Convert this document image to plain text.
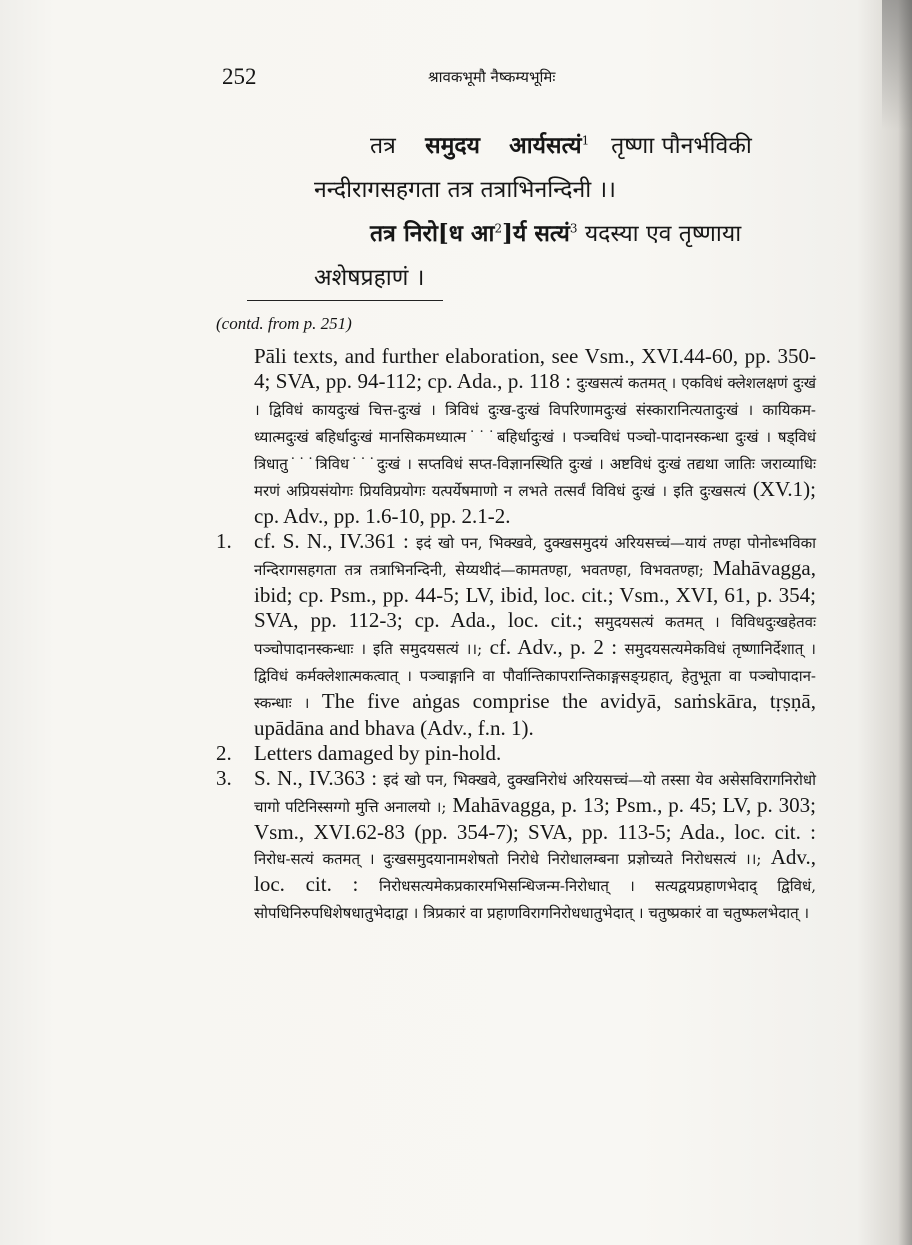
252	श्रावकभूमौ नैष्कम्यभूमिः
तत्र समुदय आर्यसत्यं$^1$ तृष्णा पौनर्भविकी
नन्दीरागसहगता तत्र तत्राभिनन्दिनी ।।
तत्र निरो[ध आ$^2$]र्य सत्यं$^3$ यदस्या एव तृष्णाया
अशेषप्रहाणं ।

(contd. from p. 251)

Pāli texts, and further elaboration, see Vsm., XVI.44-60, pp. 350-4; SVA, pp. 94-112; cp. Ada., p. 118 : दुःखसत्यं कतमत् । एकविधं क्लेशलक्षणं दुःखं । द्विविधं कायदुःखं चित्त-दुःखं । त्रिविधं दुःख-दुःखं विपरिणामदुःखं संस्कारानित्यतादुःखं । कायिकम-ध्यात्मदुःखं बहिर्धादुःखं मानसिकमध्यात्म˙˙˙बहिर्धादुःखं । पञ्चविधं पञ्चो-पादानस्कन्धा दुःखं । षड्विधं त्रिधातु˙˙˙त्रिविध˙˙˙दुःखं । सप्तविधं सप्त-विज्ञानस्थिति दुःखं । अष्टविधं दुःखं तद्यथा जातिः जराव्याधिः मरणं अप्रियसंयोगः प्रियविप्रयोगः यत्पर्येषमाणो न लभते तत्सर्वं विविधं दुःखं । इति दुःखसत्यं (XV.1); cp. Adv., pp. 1.6-10, pp. 2.1-2.

1. cf. S. N., IV.361 : इदं खो पन, भिक्खवे, दुक्खसमुदयं अरियसच्चं—यायं तण्हा पोनोब्भविका नन्दिरागसहगता तत्र तत्राभिनन्दिनी, सेय्यथीदं—कामतण्हा, भवतण्हा, विभवतण्हा; Mahāvagga, ibid; cp. Psm., pp. 44-5; LV, ibid, loc. cit.; Vsm., XVI, 61, p. 354; SVA, pp. 112-3; cp. Ada., loc. cit.; समुदयसत्यं कतमत् । विविधदुःखहेतवः पञ्चोपादानस्कन्धाः । इति समुदयसत्यं ।।; cf. Adv., p. 2 : समुदयसत्यमेकविधं तृष्णानिर्देशात् । द्विविधं कर्मक्लेशात्मकत्वात् । पञ्चाङ्गानि वा पौर्वान्तिकापरान्तिकाङ्गसङ्ग्रहात्, हेतुभूता वा पञ्चोपादान-स्कन्धाः । The five aṅgas comprise the avidyā, saṁskāra, tṛṣṇā, upādāna and bhava (Adv., f.n. 1).

2. Letters damaged by pin-hold.

3. S. N., IV.363 : इदं खो पन, भिक्खवे, दुक्खनिरोधं अरियसच्चं—यो तस्सा येव असेसविरागनिरोधो चागो पटिनिस्सग्गो मुत्ति अनालयो ।; Mahāvagga, p. 13; Psm., p. 45; LV, p. 303; Vsm., XVI.62-83 (pp. 354-7); SVA, pp. 113-5; Ada., loc. cit. : निरोध-सत्यं कतमत् । दुःखसमुदयानामशेषतो निरोधे निरोधालम्बना प्रज्ञोच्यते निरोधसत्यं ।।; Adv., loc. cit. : निरोधसत्यमेकप्रकारमभिसन्धिजन्म-निरोधात् । सत्यद्वयप्रहाणभेदाद् द्विविधं, सोपधिनिरुपधिशेषधातुभेदाद्वा । त्रिप्रकारं वा प्रहाणविरागनिरोधधातुभेदात् । चतुष्प्रकारं वा चतुष्फलभेदात् ।
